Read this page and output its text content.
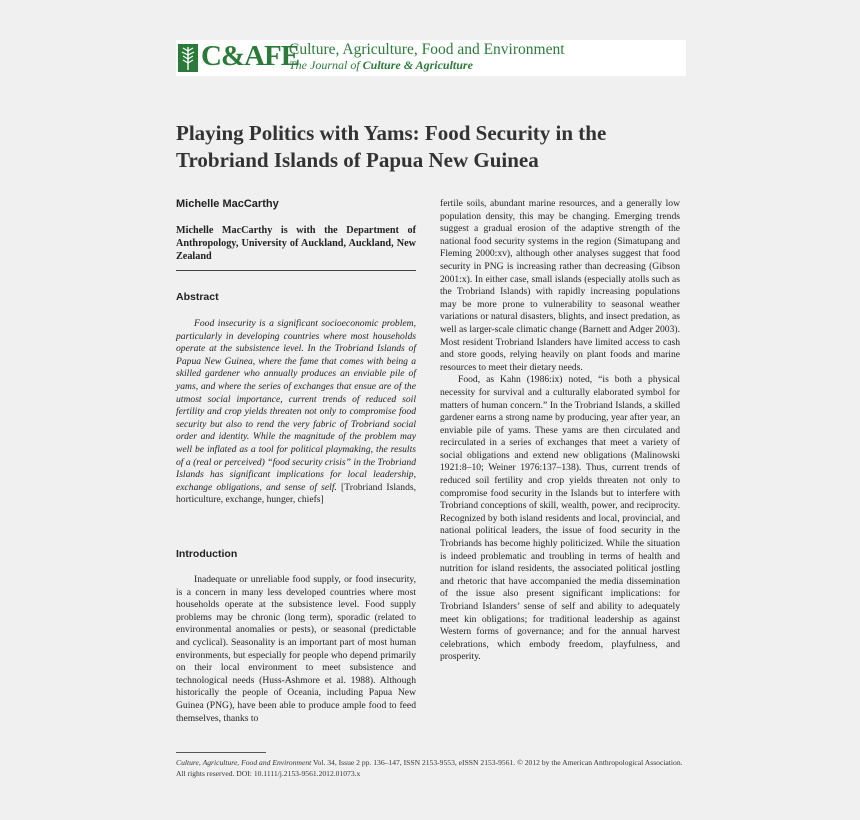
C&AFE
Culture, Agriculture, Food and Environment
The Journal of Culture & Agriculture
Playing Politics with Yams: Food Security in the Trobriand Islands of Papua New Guinea
Michelle MacCarthy
Michelle MacCarthy is with the Department of Anthropology, University of Auckland, Auckland, New Zealand
Abstract

Food insecurity is a significant socioeconomic problem, particularly in developing countries where most households operate at the subsistence level. In the Trobriand Islands of Papua New Guinea, where the fame that comes with being a skilled gardener who annually produces an enviable pile of yams, and where the series of exchanges that ensue are of the utmost social importance, current trends of reduced soil fertility and crop yields threaten not only to compromise food security but also to rend the very fabric of Trobriand social order and identity. While the magnitude of the problem may well be inflated as a tool for political playmaking, the results of a (real or perceived) “food security crisis” in the Trobriand Islands has significant implications for local leadership, exchange obligations, and sense of self. [Trobriand Islands, horticulture, exchange, hunger, chiefs]

Introduction

Inadequate or unreliable food supply, or food insecurity, is a concern in many less developed countries where most households operate at the subsistence level. Food supply problems may be chronic (long term), sporadic (related to environmental anomalies or pests), or seasonal (predictable and cyclical). Seasonality is an important part of most human environments, but especially for people who depend primarily on their local environment to meet subsistence and technological needs (Huss-Ashmore et al. 1988). Although historically the people of Oceania, including Papua New Guinea (PNG), have been able to produce ample food to feed themselves, thanks to

fertile soils, abundant marine resources, and a generally low population density, this may be changing. Emerging trends suggest a gradual erosion of the adaptive strength of the national food security systems in the region (Simatupang and Fleming 2000:xv), although other analyses suggest that food security in PNG is increasing rather than decreasing (Gibson 2001:x). In either case, small islands (especially atolls such as the Trobriand Islands) with rapidly increasing populations may be more prone to vulnerability to seasonal weather variations or natural disasters, blights, and insect predation, as well as larger-scale climatic change (Barnett and Adger 2003). Most resident Trobriand Islanders have limited access to cash and store goods, relying heavily on plant foods and marine resources to meet their dietary needs.

Food, as Kahn (1986:ix) noted, “is both a physical necessity for survival and a culturally elaborated symbol for matters of human concern.” In the Trobriand Islands, a skilled gardener earns a strong name by producing, year after year, an enviable pile of yams. These yams are then circulated and recirculated in a series of exchanges that meet a variety of social obligations and extend new obligations (Malinowski 1921:8–10; Weiner 1976:137–138). Thus, current trends of reduced soil fertility and crop yields threaten not only to compromise food security in the Islands but to interfere with Trobriand conceptions of skill, wealth, power, and reciprocity. Recognized by both island residents and local, provincial, and national political leaders, the issue of food security in the Trobriands has become highly politicized. While the situation is indeed problematic and troubling in terms of health and nutrition for island residents, the associated political jostling and rhetoric that have accompanied the media dissemination of the issue also present significant implications: for Trobriand Islanders’ sense of self and ability to adequately meet kin obligations; for traditional leadership as against Western forms of governance; and for the annual harvest celebrations, which embody freedom, playfulness, and prosperity.

Culture, Agriculture, Food and Environment Vol. 34, Issue 2 pp. 136–147, ISSN 2153-9553, eISSN 2153-9561. © 2012 by the American Anthropological Association. All rights reserved. DOI: 10.1111/j.2153-9561.2012.01073.x
